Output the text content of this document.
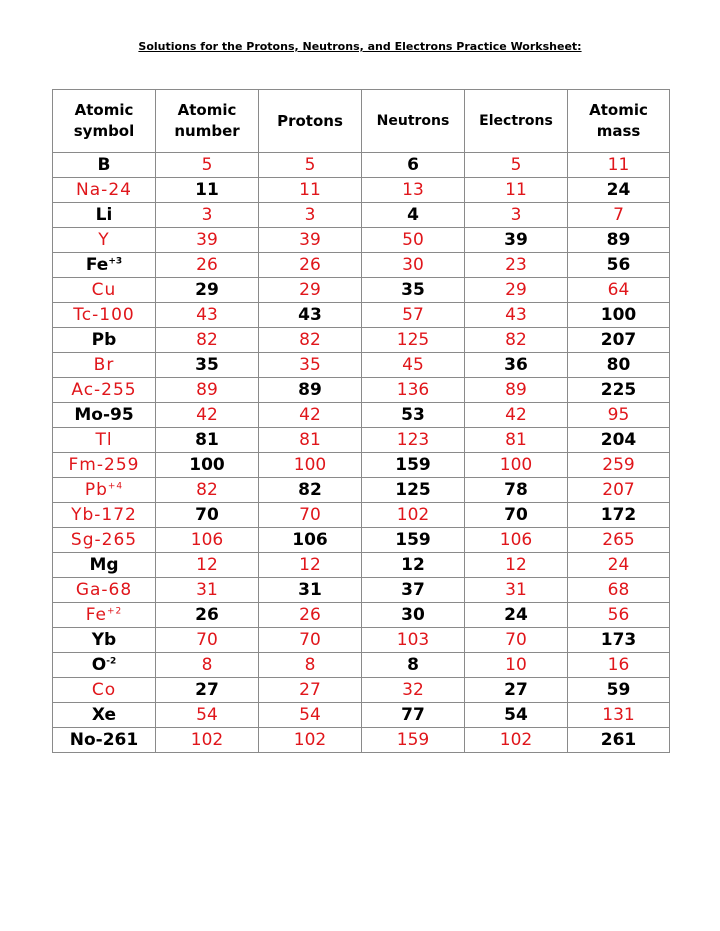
Solutions for the Protons, Neutrons, and Electrons Practice Worksheet:
Atomic symbol	Atomic number	Protons	Neutrons	Electrons	Atomic mass
B	5	5	6	5	11
Na-24	11	11	13	11	24
Li	3	3	4	3	7
Y	39	39	50	39	89
$Fe^{+3}$	26	26	30	23	56
Cu	29	29	35	29	64
Tc-100	43	43	57	43	100
Pb	82	82	125	82	207
Br	35	35	45	36	80
Ac-255	89	89	136	89	225
Mo-95	42	42	53	42	95
Tl	81	81	123	81	204
Fm-259	100	100	159	100	259
$Pb^{+4}$	82	82	125	78	207
Yb-172	70	70	102	70	172
Sg-265	106	106	159	106	265
Mg	12	12	12	12	24
Ga-68	31	31	37	31	68
$Fe^{+2}$	26	26	30	24	56
Yb	70	70	103	70	173
$O^{-2}$	8	8	8	10	16
Co	27	27	32	27	59
Xe	54	54	77	54	131
No-261	102	102	159	102	261
